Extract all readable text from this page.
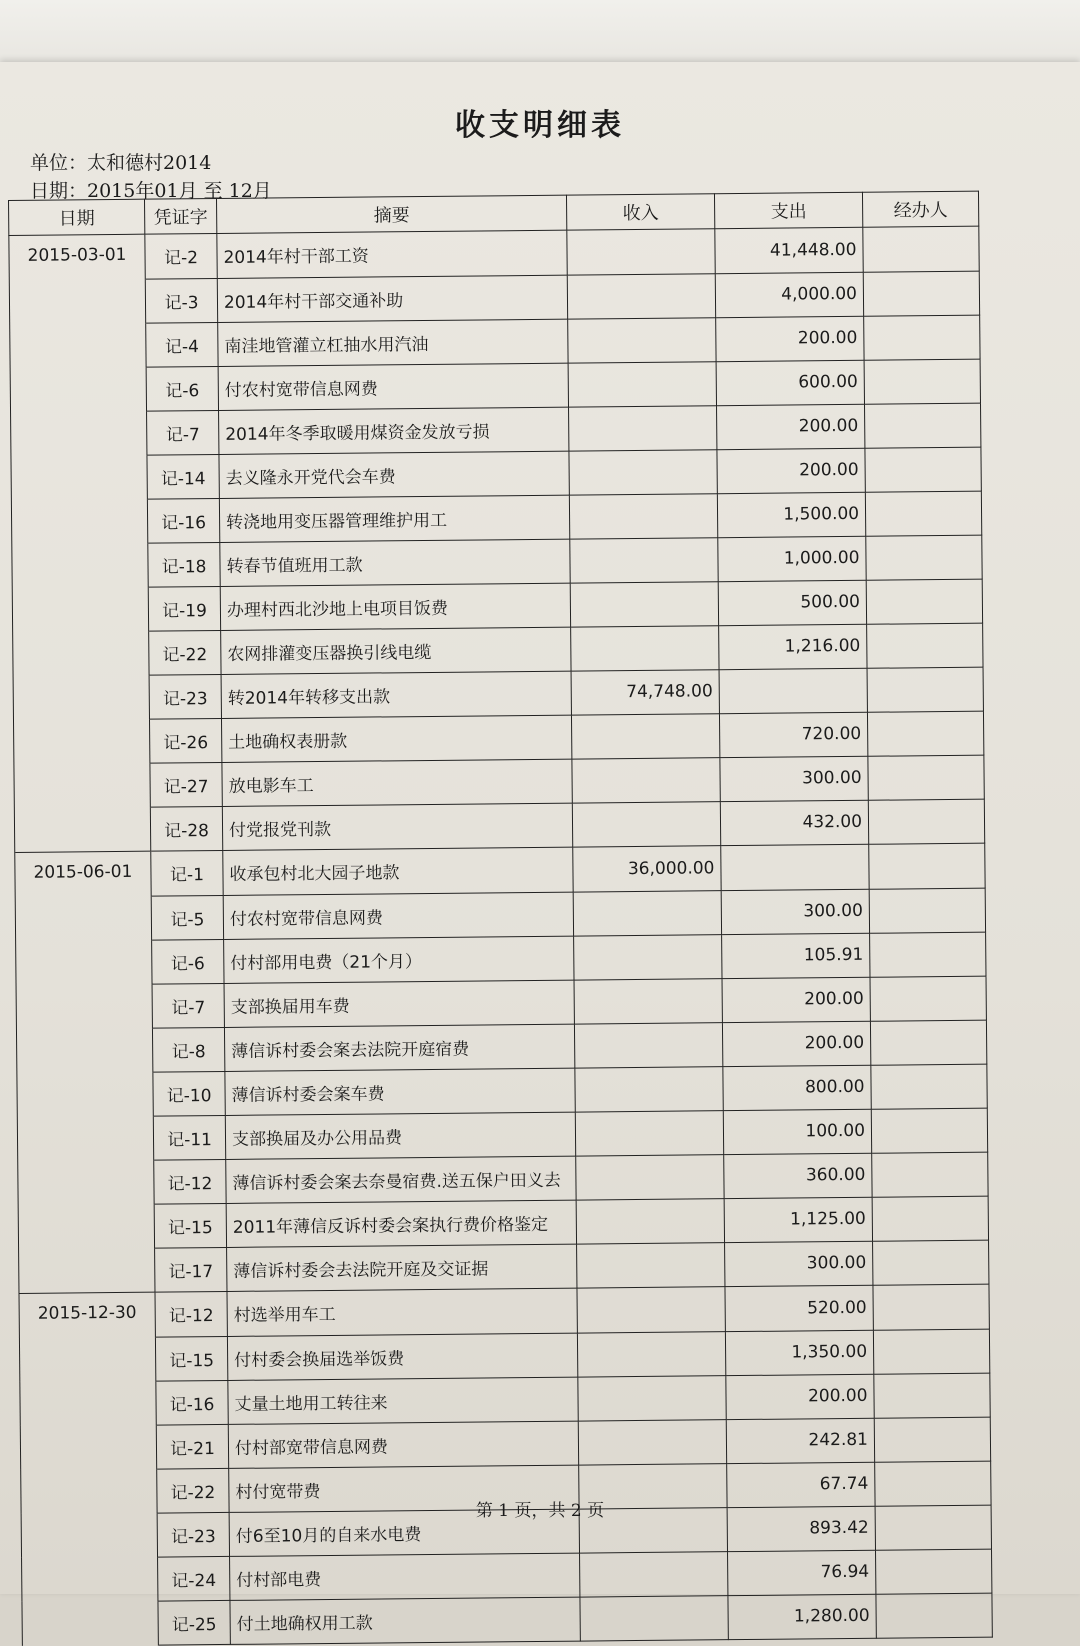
收支明细表
单位：太和德村2014
日期：2015年01月 至 12月
日期	凭证字	摘要	收入	支出	经办人
2015-03-01	记-2	2014年村干部工资		41,448.00	
	记-3	2014年村干部交通补助		4,000.00	
	记-4	南洼地管灌立杠抽水用汽油		200.00	
	记-6	付农村宽带信息网费		600.00	
	记-7	2014年冬季取暖用煤资金发放亏损		200.00	
	记-14	去义隆永开党代会车费		200.00	
	记-16	转浇地用变压器管理维护用工		1,500.00	
	记-18	转春节值班用工款		1,000.00	
	记-19	办理村西北沙地上电项目饭费		500.00	
	记-22	农网排灌变压器换引线电缆		1,216.00	
	记-23	转2014年转移支出款	74,748.00		
	记-26	土地确权表册款		720.00	
	记-27	放电影车工		300.00	
	记-28	付党报党刊款		432.00	
2015-06-01	记-1	收承包村北大园子地款	36,000.00		
	记-5	付农村宽带信息网费		300.00	
	记-6	付村部用电费（21个月）		105.91	
	记-7	支部换届用车费		200.00	
	记-8	薄信诉村委会案去法院开庭宿费		200.00	
	记-10	薄信诉村委会案车费		800.00	
	记-11	支部换届及办公用品费		100.00	
	记-12	薄信诉村委会案去奈曼宿费.送五保户田义去		360.00	
	记-15	2011年薄信反诉村委会案执行费价格鉴定		1,125.00	
	记-17	薄信诉村委会去法院开庭及交证据		300.00	
2015-12-30	记-12	村选举用车工		520.00	
	记-15	付村委会换届选举饭费		1,350.00	
	记-16	丈量土地用工转往来		200.00	
	记-21	付村部宽带信息网费		242.81	
	记-22	村付宽带费		67.74	
	记-23	付6至10月的自来水电费		893.42	
	记-24	付村部电费		76.94	
	记-25	付土地确权用工款		1,280.00	
第 1 页，共 2 页
